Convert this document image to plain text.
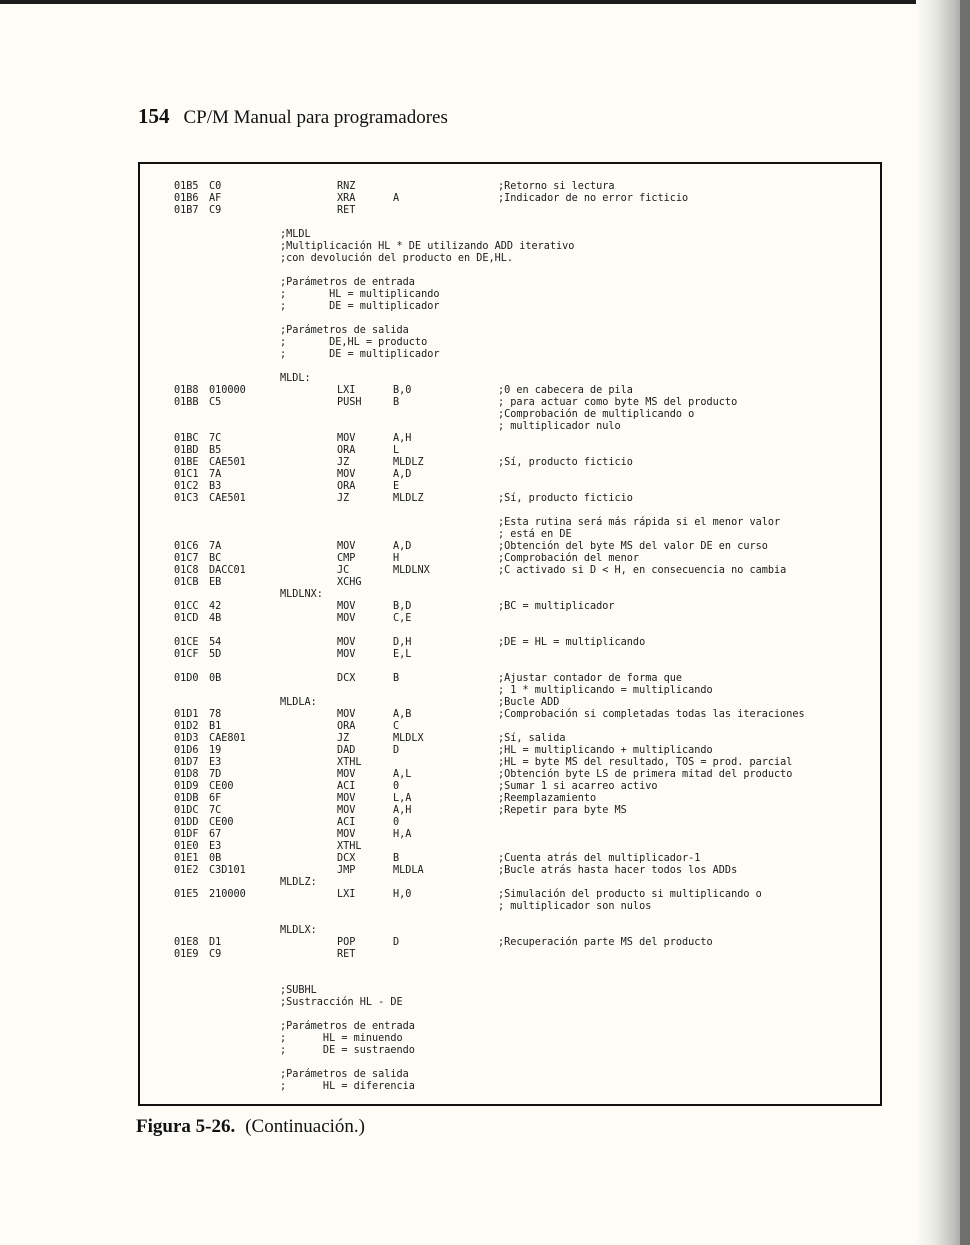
154 CP/M Manual para programadores
01B5 C0	RNZ	;Retorno si lectura
01B6 AF	XRA	A	;Indicador de no error ficticio
01B7 C9	RET
;MLDL
;Multiplicación HL * DE utilizando ADD iterativo
;con devolución del producto en DE,HL.
;Parámetros de entrada
;       HL = multiplicando
;       DE = multiplicador
;Parámetros de salida
;       DE,HL = producto
;       DE = multiplicador
MLDL:
01B8 010000	LXI	B,0	;0 en cabecera de pila
01BB C5	PUSH	B	; para actuar como byte MS del producto
;Comprobación de multiplicando o
; multiplicador nulo
01BC 7C	MOV	A,H
01BD B5	ORA	L
01BE CAE501	JZ	MLDLZ	;Sí, producto ficticio
01C1 7A	MOV	A,D
01C2 B3	ORA	E
01C3 CAE501	JZ	MLDLZ	;Sí, producto ficticio
;Esta rutina será más rápida si el menor valor
; está en DE
01C6 7A	MOV	A,D	;Obtención del byte MS del valor DE en curso
01C7 BC	CMP	H	;Comprobación del menor
01C8 DACC01	JC	MLDLNX	;C activado si D < H, en consecuencia no cambia
01CB EB	XCHG
MLDLNX:
01CC 42	MOV	B,D	;BC = multiplicador
01CD 4B	MOV	C,E
01CE 54	MOV	D,H	;DE = HL = multiplicando
01CF 5D	MOV	E,L
01D0 0B	DCX	B	;Ajustar contador de forma que
; 1 * multiplicando = multiplicando
MLDLA:	;Bucle ADD
01D1 78	MOV	A,B	;Comprobación si completadas todas las iteraciones
01D2 B1	ORA	C
01D3 CAE801	JZ	MLDLX	;Sí, salida
01D6 19	DAD	D	;HL = multiplicando + multiplicando
01D7 E3	XTHL	;HL = byte MS del resultado, TOS = prod. parcial
01D8 7D	MOV	A,L	;Obtención byte LS de primera mitad del producto
01D9 CE00	ACI	0	;Sumar 1 si acarreo activo
01DB 6F	MOV	L,A	;Reemplazamiento
01DC 7C	MOV	A,H	;Repetir para byte MS
01DD CE00	ACI	0
01DF 67	MOV	H,A
01E0 E3	XTHL
01E1 0B	DCX	B	;Cuenta atrás del multiplicador-1
01E2 C3D101	JMP	MLDLA	;Bucle atrás hasta hacer todos los ADDs
MLDLZ:
01E5 210000	LXI	H,0	;Simulación del producto si multiplicando o
; multiplicador son nulos
MLDLX:
01E8 D1	POP	D	;Recuperación parte MS del producto
01E9 C9	RET
;SUBHL
;Sustracción HL - DE
;Parámetros de entrada
;      HL = minuendo
;      DE = sustraendo
;Parámetros de salida
;      HL = diferencia
Figura 5-26. (Continuación.)
